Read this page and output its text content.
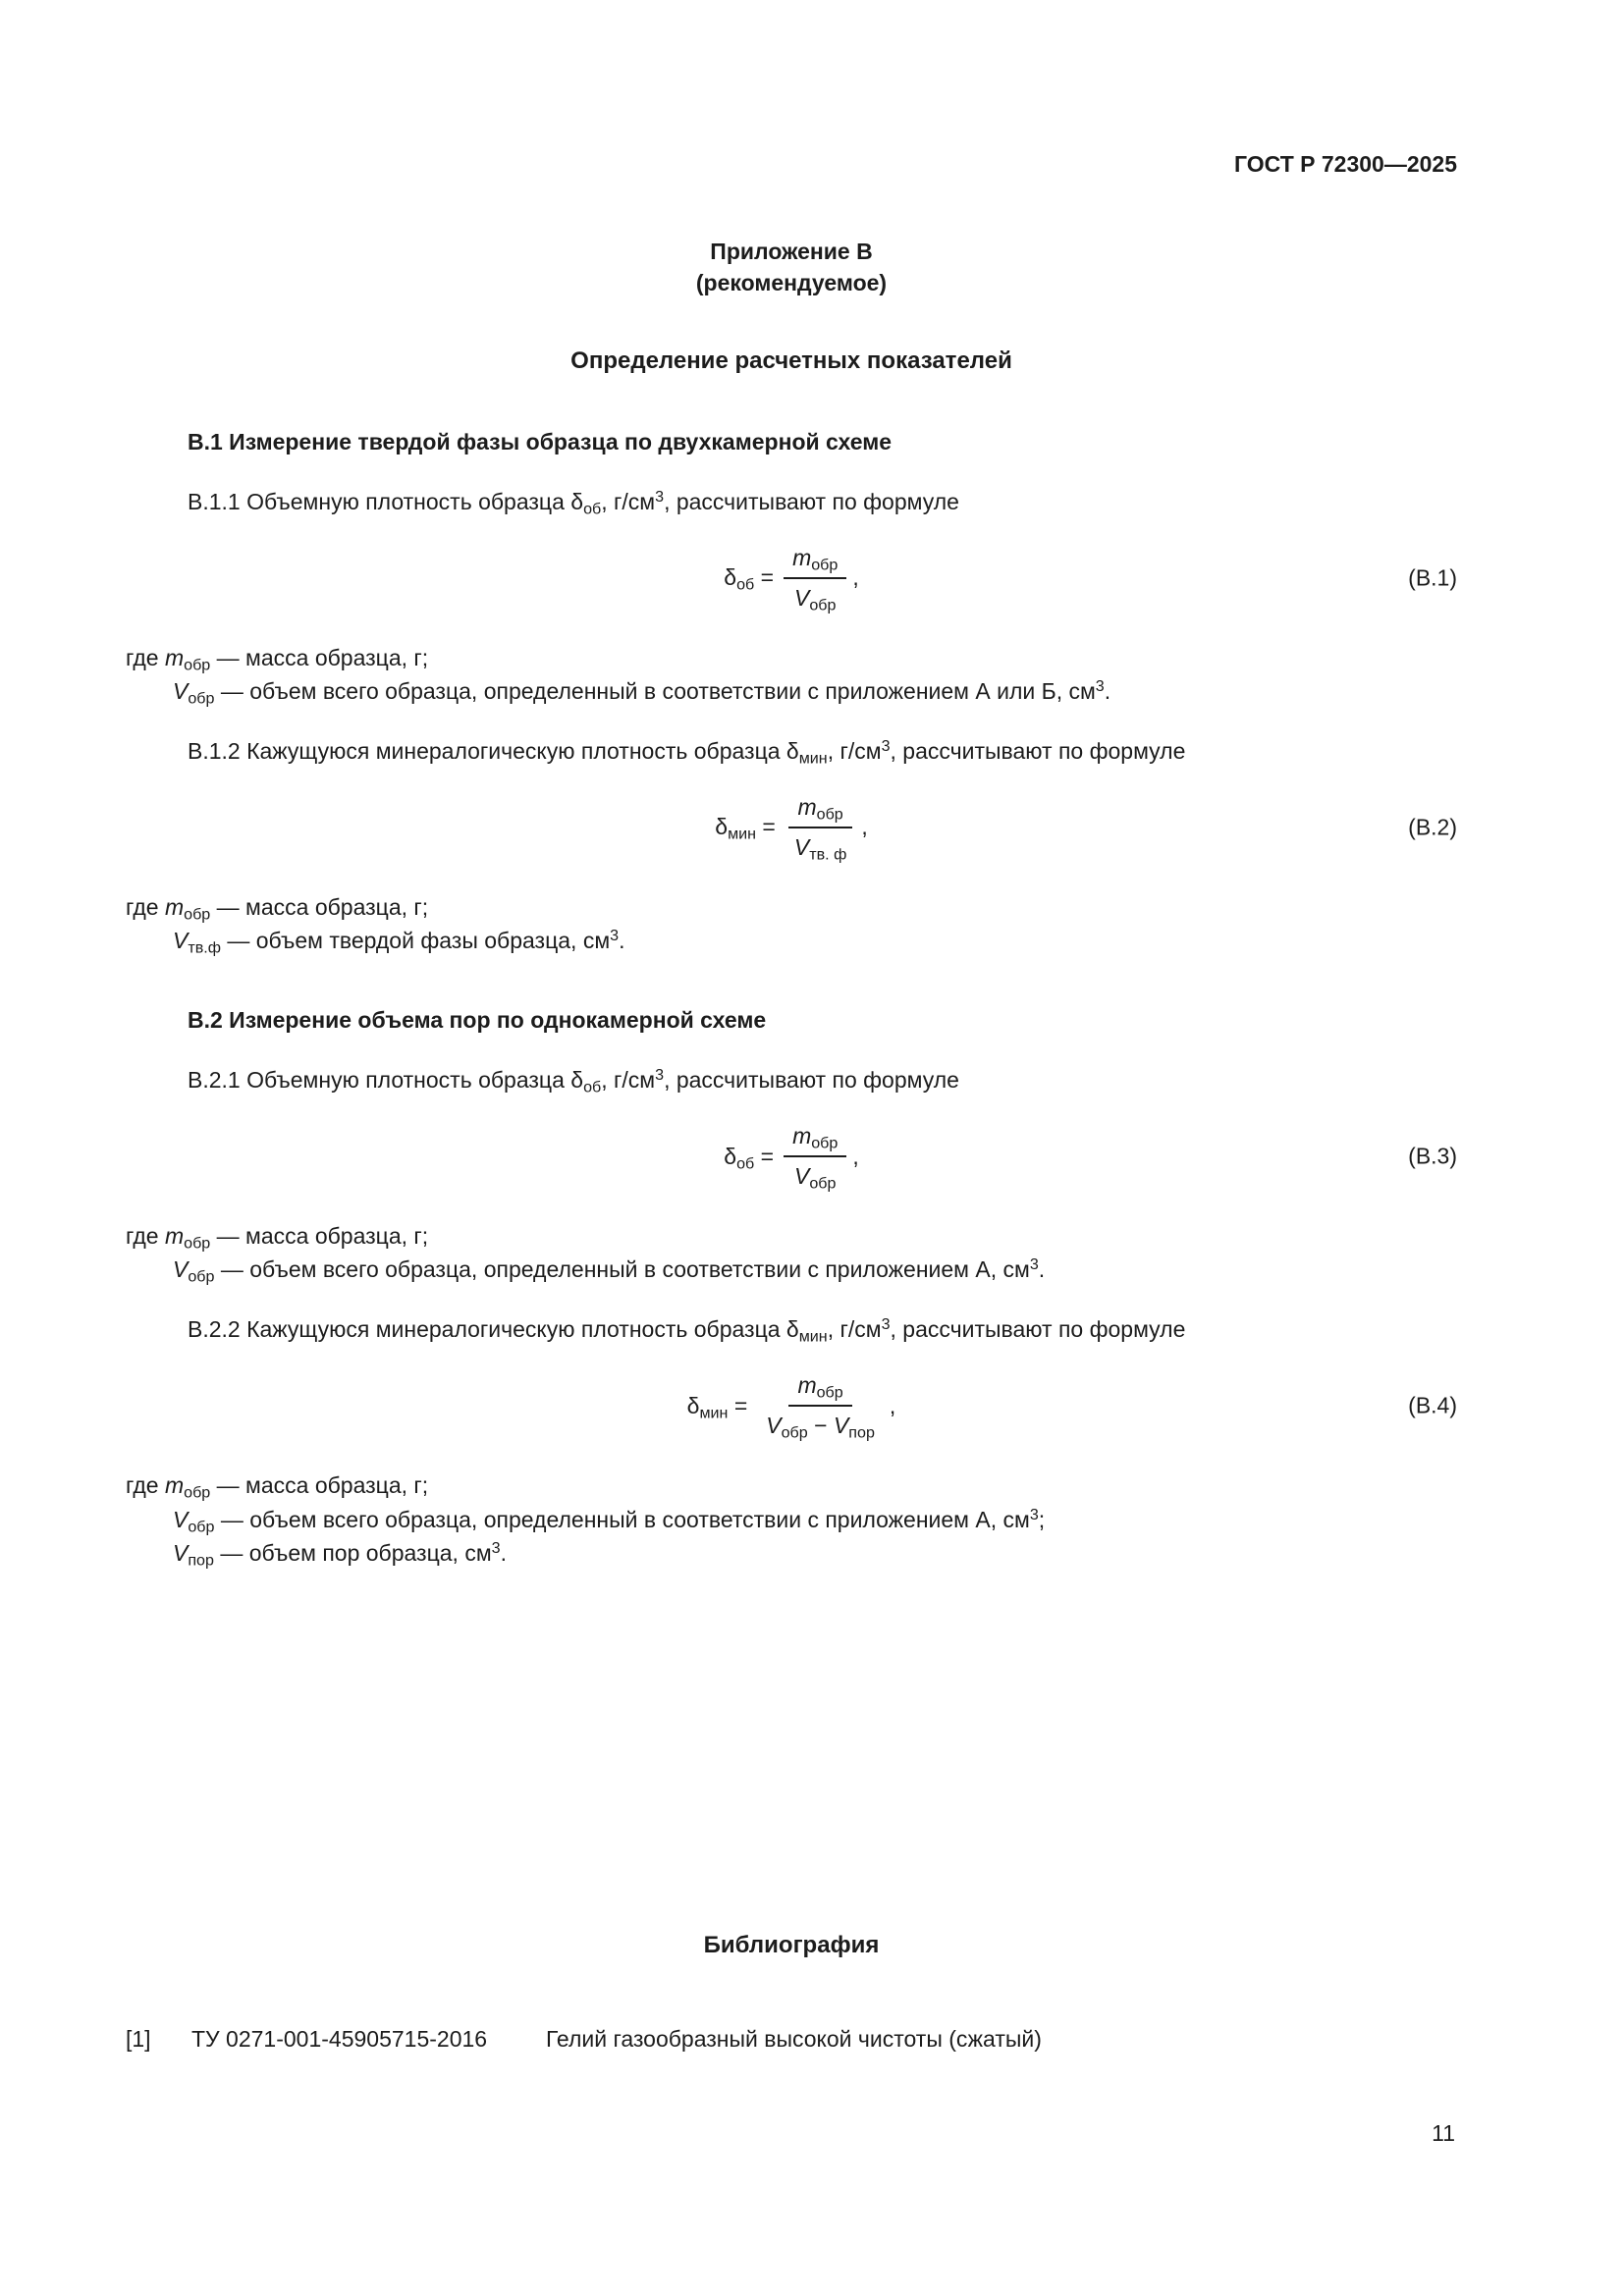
ГОСТ Р 72300—2025
Приложение В
(рекомендуемое)
Определение расчетных показателей
В.1 Измерение твердой фазы образца по двухкамерной схеме

В.1.1 Объемную плотность образца $\delta_{об}$, $г/см^3$, рассчитывают по формуле

$\delta_{об} = \frac{m_{обр}}{V_{обр}}$ ,	(В.1)

где $m_{обр}$ — масса образца, г;

$V_{обр}$ — объем всего образца, определенный в соответствии с приложением А или Б, $см^3$.

В.1.2 Кажущуюся минералогическую плотность образца $\delta_{мин}$, $г/см^3$, рассчитывают по формуле

$\delta_{мин} = \frac{m_{обр}}{V_{тв. ф}}$ ,	(В.2)

где $m_{обр}$ — масса образца, г;

$V_{тв.ф}$ — объем твердой фазы образца, $см^3$.

В.2 Измерение объема пор по однокамерной схеме

В.2.1 Объемную плотность образца $\delta_{об}$, $г/см^3$, рассчитывают по формуле

$\delta_{об} = \frac{m_{обр}}{V_{обр}}$ ,	(В.3)

где $m_{обр}$ — масса образца, г;

$V_{обр}$ — объем всего образца, определенный в соответствии с приложением А, $см^3$.

В.2.2 Кажущуюся минералогическую плотность образца $\delta_{мин}$, $г/см^3$, рассчитывают по формуле

$\delta_{мин} = \frac{m_{обр}}{V_{обр} - V_{пор}}$ ,	(В.4)

где $m_{обр}$ — масса образца, г;

$V_{обр}$ — объем всего образца, определенный в соответствии с приложением А, $см^3$;

$V_{пор}$ — объем пор образца, $см^3$.

Библиография
[1]	ТУ 0271-001-45905715-2016	Гелий газообразный высокой чистоты (сжатый)
11
